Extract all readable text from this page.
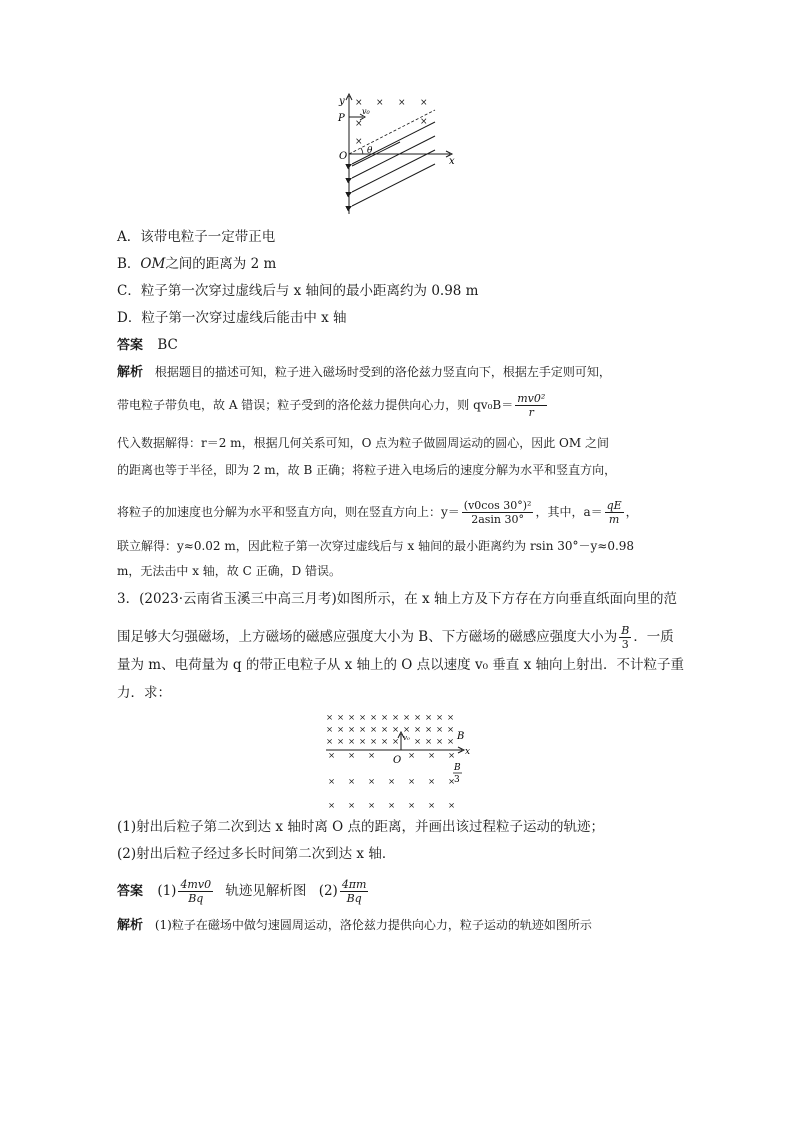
× × × ×
×	×
×
y
P
v₀
O θ
x
A．该带电粒子一定带正电
B．OM之间的距离为 2 m
C．粒子第一次穿过虚线后与 x 轴间的最小距离约为 0.98 m
D．粒子第一次穿过虚线后能击中 x 轴
答案 BC
解析 根据题目的描述可知，粒子进入磁场时受到的洛伦兹力竖直向下，根据左手定则可知，
带电粒子带负电，故 A 错误；粒子受到的洛伦兹力提供向心力，则 $qv_0B= \frac{\text{mv0²}}{r}$
代入数据解得：r＝2 m，根据几何关系可知，O 点为粒子做圆周运动的圆心，因此 OM 之间
的距离也等于半径，即为 2 m，故 B 正确；将粒子进入电场后的速度分解为水平和竖直方向，
将粒子的加速度也分解为水平和竖直方向，则在竖直方向上：$y= \frac{\text{(v0cos 30°)²}}{2asin 30^\circ}$ ，其中，$a= \frac{qE}{m}$ ，
联立解得：y≈0.02 m，因此粒子第一次穿过虚线后与 x 轴间的最小距离约为 rsin 30°－y≈0.98
m，无法击中 x 轴，故 C 正确，D 错误。
3．(2023·云南省玉溪三中高三月考)如图所示，在 x 轴上方及下方存在方向垂直纸面向里的范
围足够大匀强磁场，上方磁场的磁感应强度大小为 B、下方磁场的磁感应强度大小为 $\frac{B}{3}$ ．一质
量为 m、电荷量为 q 的带正电粒子从 x 轴上的 O 点以速度 v₀ 垂直 x 轴向上射出．不计粒子重
力．求：
× × × × × × × × × × × ×
× × × × × × × × × × × ×
× × × × × × × × × × ×
× × ×	× × ×
× × × × × × ×
× × × × × × ×
B
x
O
v₀
B
3
(1)射出后粒子第二次到达 x 轴时离 O 点的距离，并画出该过程粒子运动的轨迹；
(2)射出后粒子经过多长时间第二次到达 x 轴．
答案 $(1) \frac{4mv0}{Bq}$ 轨迹见解析图 $(2) \frac{4\pi m}{Bq}$
解析 (1)粒子在磁场中做匀速圆周运动，洛伦兹力提供向心力，粒子运动的轨迹如图所示
